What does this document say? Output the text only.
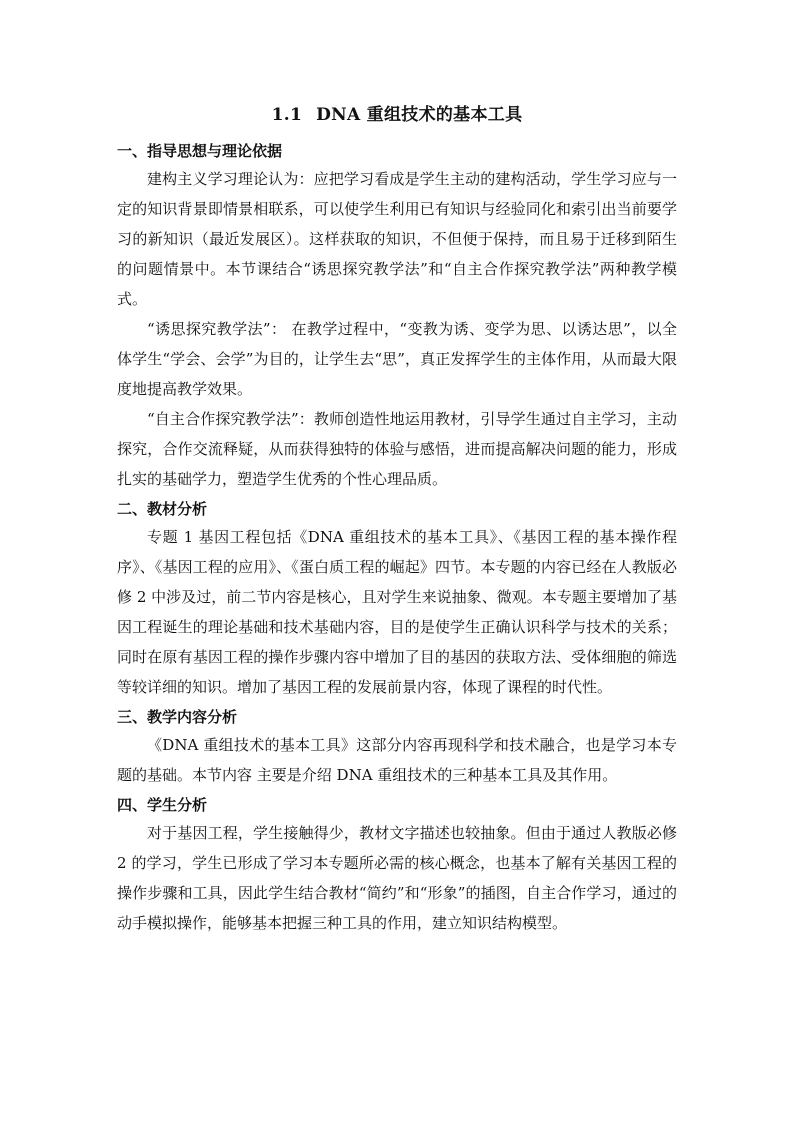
1.1 DNA 重组技术的基本工具
一、指导思想与理论依据

建构主义学习理论认为：应把学习看成是学生主动的建构活动，学生学习应与一定的知识背景即情景相联系，可以使学生利用已有知识与经验同化和索引出当前要学习的新知识（最近发展区）。这样获取的知识，不但便于保持，而且易于迁移到陌生的问题情景中。本节课结合“诱思探究教学法”和“自主合作探究教学法”两种教学模式。

“诱思探究教学法”： 在教学过程中，“变教为诱、变学为思、以诱达思”，以全体学生“学会、会学”为目的，让学生去“思”，真正发挥学生的主体作用，从而最大限度地提高教学效果。

“自主合作探究教学法”：教师创造性地运用教材，引导学生通过自主学习，主动探究，合作交流释疑，从而获得独特的体验与感悟，进而提高解决问题的能力，形成扎实的基础学力，塑造学生优秀的个性心理品质。

二、教材分析

专题 1 基因工程包括《DNA 重组技术的基本工具》、《基因工程的基本操作程序》、《基因工程的应用》、《蛋白质工程的崛起》四节。本专题的内容已经在人教版必修 2 中涉及过，前二节内容是核心，且对学生来说抽象、微观。本专题主要增加了基因工程诞生的理论基础和技术基础内容，目的是使学生正确认识科学与技术的关系；同时在原有基因工程的操作步骤内容中增加了目的基因的获取方法、受体细胞的筛选等较详细的知识。增加了基因工程的发展前景内容，体现了课程的时代性。

三、教学内容分析

《DNA 重组技术的基本工具》这部分内容再现科学和技术融合，也是学习本专题的基础。本节内容 主要是介绍 DNA 重组技术的三种基本工具及其作用。

四、学生分析

对于基因工程，学生接触得少，教材文字描述也较抽象。但由于通过人教版必修 2 的学习，学生已形成了学习本专题所必需的核心概念，也基本了解有关基因工程的操作步骤和工具，因此学生结合教材“简约”和“形象”的插图，自主合作学习，通过的动手模拟操作，能够基本把握三种工具的作用，建立知识结构模型。
